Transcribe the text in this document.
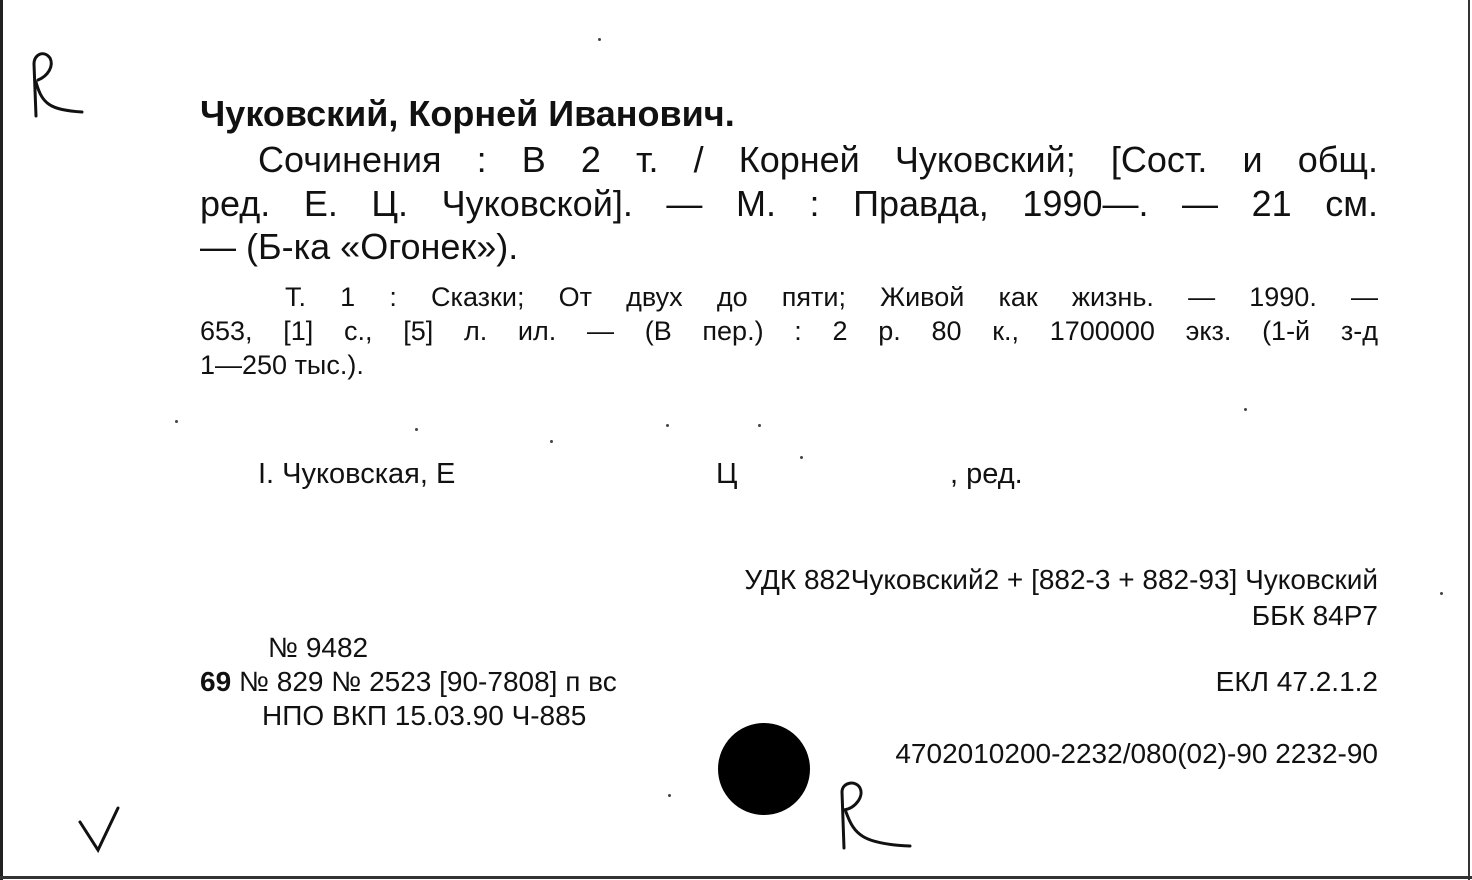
Чуковский, Корней Иванович.
Сочинения : В 2 т. / Корней Чуковский; [Сост. и общ.
ред. Е. Ц. Чуковской]. — М. : Правда, 1990—. — 21 см.
— (Б-ка «Огонек»).
Т. 1 : Сказки; От двух до пяти; Живой как жизнь. — 1990. —
653, [1] с., [5] л. ил. — (В пер.) : 2 р. 80 к., 1700000 экз. (1-й з-д
1—250 тыс.).
I. Чуковская, Е	Ц	, ред.
УДК 882Чуковский2 + [882-3 + 882-93] Чуковский
ББК 84Р7
№ 9482
69 № 829 № 2523 [90-7808] п вс	ЕКЛ 47.2.1.2
НПО ВКП 15.03.90 Ч-885
4702010200-2232/080(02)-90 2232-90
